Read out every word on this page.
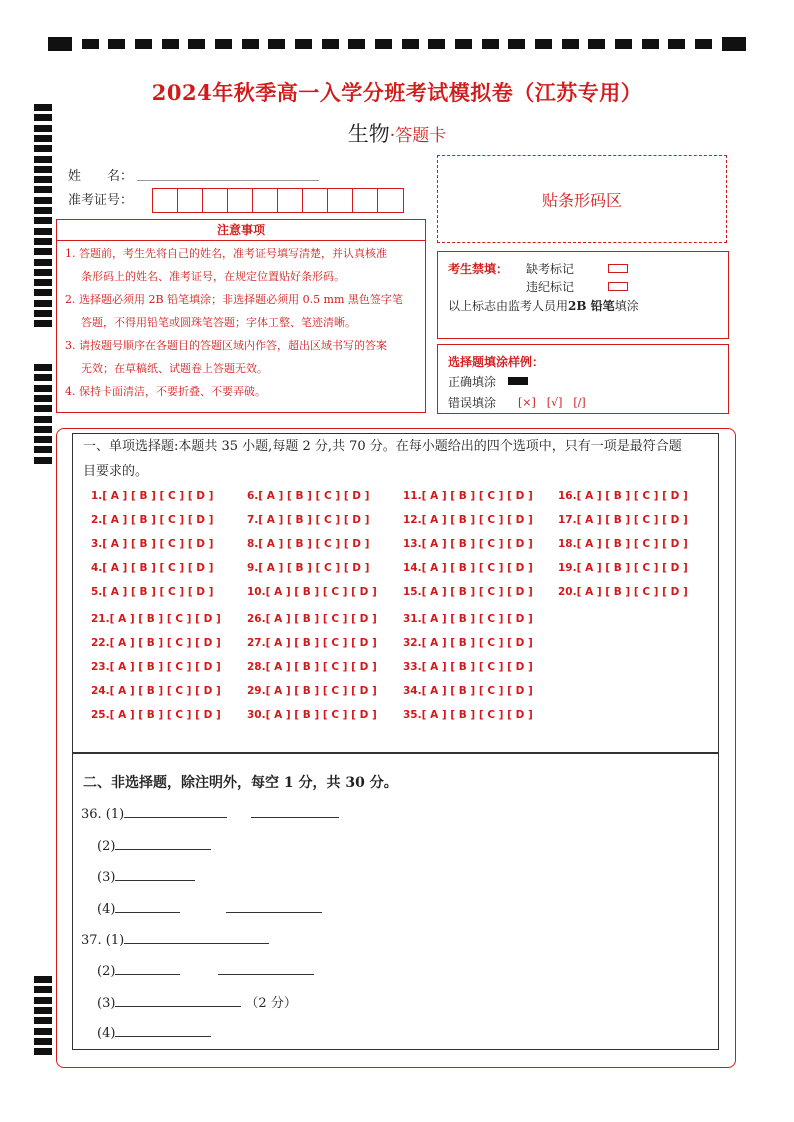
2024年秋季高一入学分班考试模拟卷（江苏专用）
生物·答题卡
姓　　名：
准考证号：	贴条形码区
注意事项
1. 答题前，考生先将自己的姓名，准考证号填写清楚，并认真核准
条形码上的姓名、准考证号，在规定位置贴好条形码。
2. 选择题必须用 2B 铅笔填涂；非选择题必须用 0.5 mm 黑色签字笔
答题，不得用铅笔或圆珠笔答题；字体工整、笔迹清晰。
3. 请按题号顺序在各题目的答题区域内作答，超出区域书写的答案
无效；在草稿纸、试题卷上答题无效。
4. 保持卡面清洁，不要折叠、不要弄破。
考生禁填： 缺考标记
违纪标记
以上标志由监考人员用2B 铅笔填涂
选择题填涂样例：
正确填涂
错误填涂 [×]　[√]　[/]
一、单项选择题:本题共 35 小题,每题 2 分,共 70 分。在每小题给出的四个选项中，只有一项是最符合题
目要求的。
1.[ A ] [ B ] [ C ] [ D ]
2.[ A ] [ B ] [ C ] [ D ]
3.[ A ] [ B ] [ C ] [ D ]
4.[ A ] [ B ] [ C ] [ D ]
5.[ A ] [ B ] [ C ] [ D ]
6.[ A ] [ B ] [ C ] [ D ]
7.[ A ] [ B ] [ C ] [ D ]
8.[ A ] [ B ] [ C ] [ D ]
9.[ A ] [ B ] [ C ] [ D ]
10.[ A ] [ B ] [ C ] [ D ]
11.[ A ] [ B ] [ C ] [ D ]
12.[ A ] [ B ] [ C ] [ D ]
13.[ A ] [ B ] [ C ] [ D ]
14.[ A ] [ B ] [ C ] [ D ]
15.[ A ] [ B ] [ C ] [ D ]
16.[ A ] [ B ] [ C ] [ D ]
17.[ A ] [ B ] [ C ] [ D ]
18.[ A ] [ B ] [ C ] [ D ]
19.[ A ] [ B ] [ C ] [ D ]
20.[ A ] [ B ] [ C ] [ D ]
21.[ A ] [ B ] [ C ] [ D ]
22.[ A ] [ B ] [ C ] [ D ]
23.[ A ] [ B ] [ C ] [ D ]
24.[ A ] [ B ] [ C ] [ D ]
25.[ A ] [ B ] [ C ] [ D ]
26.[ A ] [ B ] [ C ] [ D ]
27.[ A ] [ B ] [ C ] [ D ]
28.[ A ] [ B ] [ C ] [ D ]
29.[ A ] [ B ] [ C ] [ D ]
30.[ A ] [ B ] [ C ] [ D ]
31.[ A ] [ B ] [ C ] [ D ]
32.[ A ] [ B ] [ C ] [ D ]
33.[ A ] [ B ] [ C ] [ D ]
34.[ A ] [ B ] [ C ] [ D ]
35.[ A ] [ B ] [ C ] [ D ]
二、非选择题，除注明外，每空 1 分，共 30 分。
36. (1)
(2)
(3)
(4)
37. (1)
(2)
(3)	（2 分）
(4)
